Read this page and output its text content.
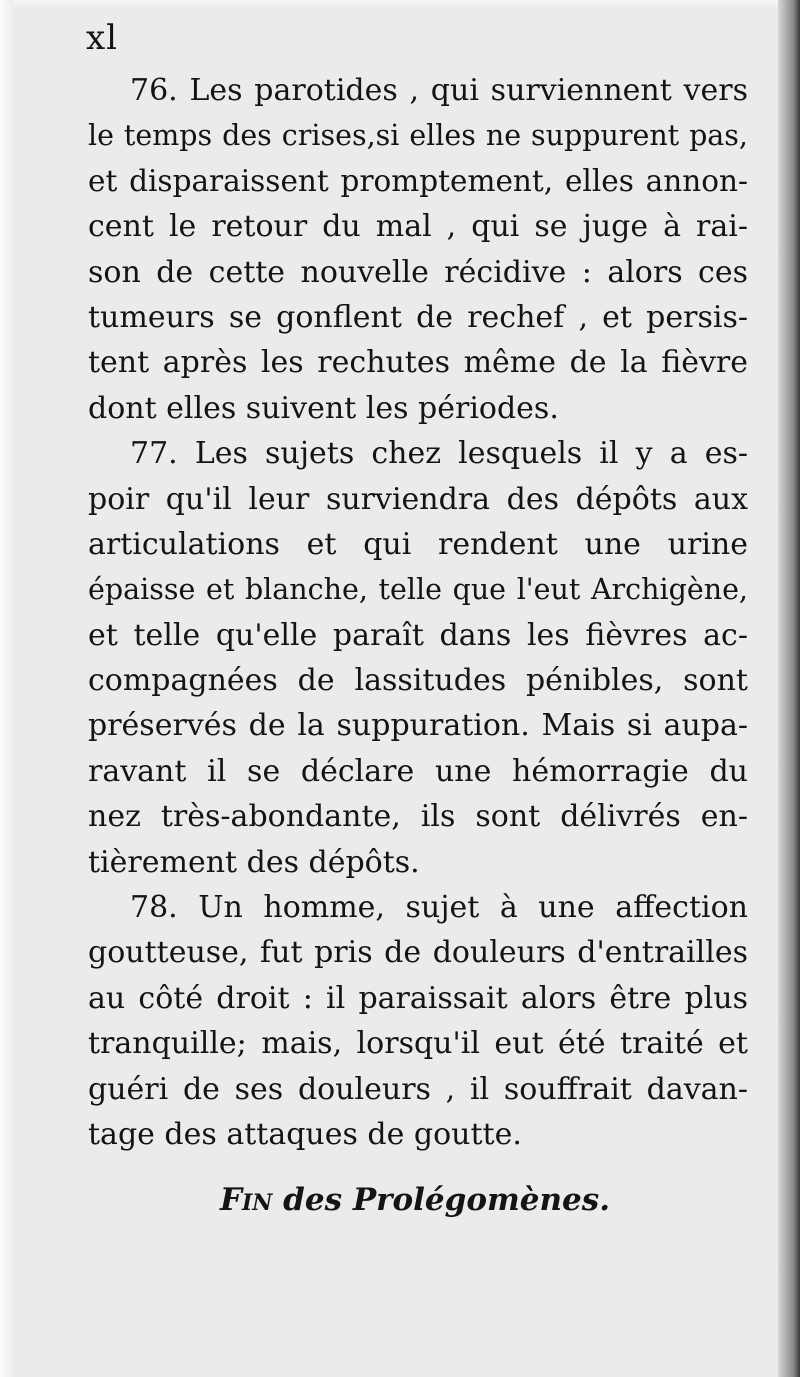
xl

76. Les parotides , qui surviennent vers
le temps des crises,si elles ne suppurent pas,
et disparaissent promptement, elles annon-
cent le retour du mal , qui se juge à rai-
son de cette nouvelle récidive : alors ces
tumeurs se gonflent de rechef , et persis-
tent après les rechutes même de la fièvre
dont elles suivent les périodes.
77. Les sujets chez lesquels il y a es-
poir qu'il leur surviendra des dépôts aux
articulations et qui rendent une urine
épaisse et blanche, telle que l'eut Archigène,
et telle qu'elle paraît dans les fièvres ac-
compagnées de lassitudes pénibles, sont
préservés de la suppuration. Mais si aupa-
ravant il se déclare une hémorragie du
nez très-abondante, ils sont délivrés en-
tièrement des dépôts.
78. Un homme, sujet à une affection
goutteuse, fut pris de douleurs d'entrailles
au côté droit : il paraissait alors être plus
tranquille; mais, lorsqu'il eut été traité et
guéri de ses douleurs , il souffrait davan-
tage des attaques de goutte.

Fin des Prolégomènes.
